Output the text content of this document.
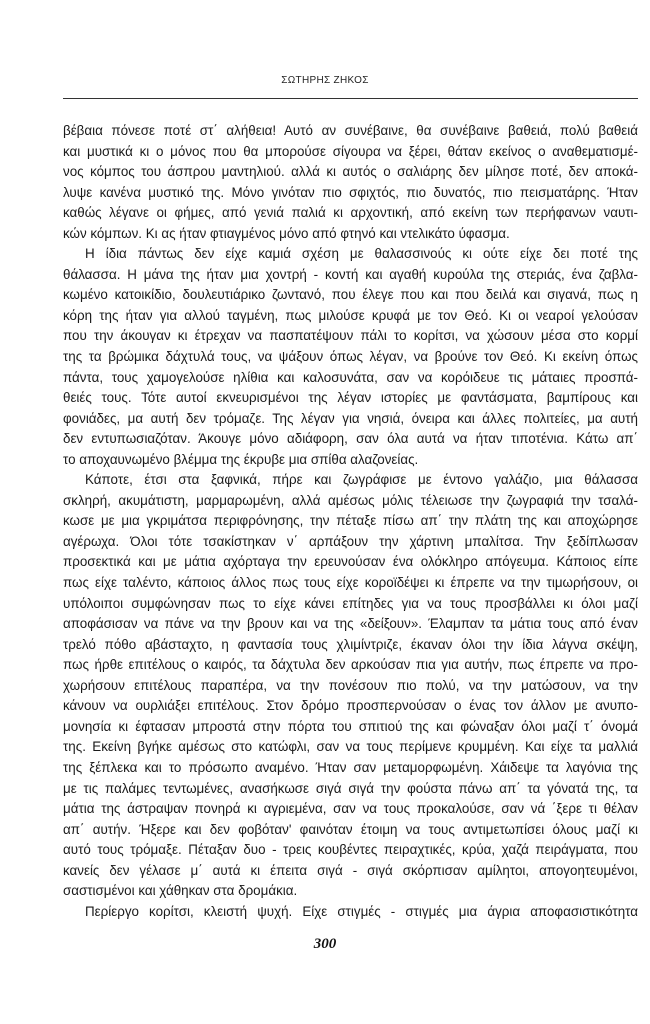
ΣΩΤΗΡΗΣ ΖΗΚΟΣ
βέβαια πόνεσε ποτέ στ΄ αλήθεια! Αυτό αν συνέβαινε, θα συνέβαινε βαθειά, πολύ βαθειά
και μυστικά κι ο μόνος που θα μπορούσε σίγουρα να ξέρει, θάταν εκείνος ο αναθεματισμέ-
νος κόμπος του άσπρου μαντηλιού. αλλά κι αυτός ο σαλιάρης δεν μίλησε ποτέ, δεν αποκά-
λυψε κανένα μυστικό της. Μόνο γινόταν πιο σφιχτός, πιο δυνατός, πιο πεισματάρης. Ήταν
καθώς λέγανε οι φήμες, από γενιά παλιά κι αρχοντική, από εκείνη των περήφανων ναυτι-
κών κόμπων. Κι ας ήταν φτιαγμένος μόνο από φτηνό και ντελικάτο ύφασμα.
Η ίδια πάντως δεν είχε καμιά σχέση με θαλασσινούς κι ούτε είχε δει ποτέ της
θάλασσα. Η μάνα της ήταν μια χοντρή - κοντή και αγαθή κυρούλα της στεριάς, ένα ζαβλα-
κωμένο κατοικίδιο, δουλευτιάρικο ζωντανό, που έλεγε που και που δειλά και σιγανά, πως η
κόρη της ήταν για αλλού ταγμένη, πως μιλούσε κρυφά με τον Θεό. Κι οι νεαροί γελούσαν
που την άκουγαν κι έτρεχαν να πασπατέψουν πάλι το κορίτσι, να χώσουν μέσα στο κορμί
της τα βρώμικα δάχτυλά τους, να ψάξουν όπως λέγαν, να βρούνε τον Θεό. Κι εκείνη όπως
πάντα, τους χαμογελούσε ηλίθια και καλοσυνάτα, σαν να κορόιδευε τις μάταιες προσπά-
θειές τους. Τότε αυτοί εκνευρισμένοι της λέγαν ιστορίες με φαντάσματα, βαμπίρους και
φονιάδες, μα αυτή δεν τρόμαζε. Της λέγαν για νησιά, όνειρα και άλλες πολιτείες, μα αυτή
δεν εντυπωσιαζόταν. Άκουγε μόνο αδιάφορη, σαν όλα αυτά να ήταν τιποτένια. Κάτω απ΄
το αποχαυνωμένο βλέμμα της έκρυβε μια σπίθα αλαζονείας.
Κάποτε, έτσι στα ξαφνικά, πήρε και ζωγράφισε με έντονο γαλάζιο, μια θάλασσα
σκληρή, ακυμάτιστη, μαρμαρωμένη, αλλά αμέσως μόλις τέλειωσε την ζωγραφιά την τσαλά-
κωσε με μια γκριμάτσα περιφρόνησης, την πέταξε πίσω απ΄ την πλάτη της και αποχώρησε
αγέρωχα. Όλοι τότε τσακίστηκαν ν΄ αρπάξουν την χάρτινη μπαλίτσα. Την ξεδίπλωσαν
προσεκτικά και με μάτια αχόρταγα την ερευνούσαν ένα ολόκληρο απόγευμα. Κάποιος είπε
πως είχε ταλέντο, κάποιος άλλος πως τους είχε κοροϊδέψει κι έπρεπε να την τιμωρήσουν, οι
υπόλοιποι συμφώνησαν πως το είχε κάνει επίτηδες για να τους προσβάλλει κι όλοι μαζί
αποφάσισαν να πάνε να την βρουν και να της «δείξουν». Έλαμπαν τα μάτια τους από έναν
τρελό πόθο αβάσταχτο, η φαντασία τους χλιμίντριζε, έκαναν όλοι την ίδια λάγνα σκέψη,
πως ήρθε επιτέλους ο καιρός, τα δάχτυλα δεν αρκούσαν πια για αυτήν, πως έπρεπε να προ-
χωρήσουν επιτέλους παραπέρα, να την πονέσουν πιο πολύ, να την ματώσουν, να την
κάνουν να ουρλιάξει επιτέλους. Στον δρόμο προσπερνούσαν ο ένας τον άλλον με ανυπο-
μονησία κι έφτασαν μπροστά στην πόρτα του σπιτιού της και φώναξαν όλοι μαζί τ΄ όνομά
της. Εκείνη βγήκε αμέσως στο κατώφλι, σαν να τους περίμενε κρυμμένη. Και είχε τα μαλλιά
της ξέπλεκα και το πρόσωπο αναμένο. Ήταν σαν μεταμορφωμένη. Χάιδεψε τα λαγόνια της
με τις παλάμες τεντωμένες, ανασήκωσε σιγά σιγά την φούστα πάνω απ΄ τα γόνατά της, τα
μάτια της άστραψαν πονηρά κι αγριεμένα, σαν να τους προκαλούσε, σαν νά ΄ξερε τι θέλαν
απ΄ αυτήν. Ήξερε και δεν φοβόταν' φαινόταν έτοιμη να τους αντιμετωπίσει όλους μαζί κι
αυτό τους τρόμαξε. Πέταξαν δυο - τρεις κουβέντες πειραχτικές, κρύα, χαζά πειράγματα, που
κανείς δεν γέλασε μ΄ αυτά κι έπειτα σιγά - σιγά σκόρπισαν αμίλητοι, απογοητευμένοι,
σαστισμένοι και χάθηκαν στα δρομάκια.
Περίεργο κορίτσι, κλειστή ψυχή. Είχε στιγμές - στιγμές μια άγρια αποφασιστικότητα
300
